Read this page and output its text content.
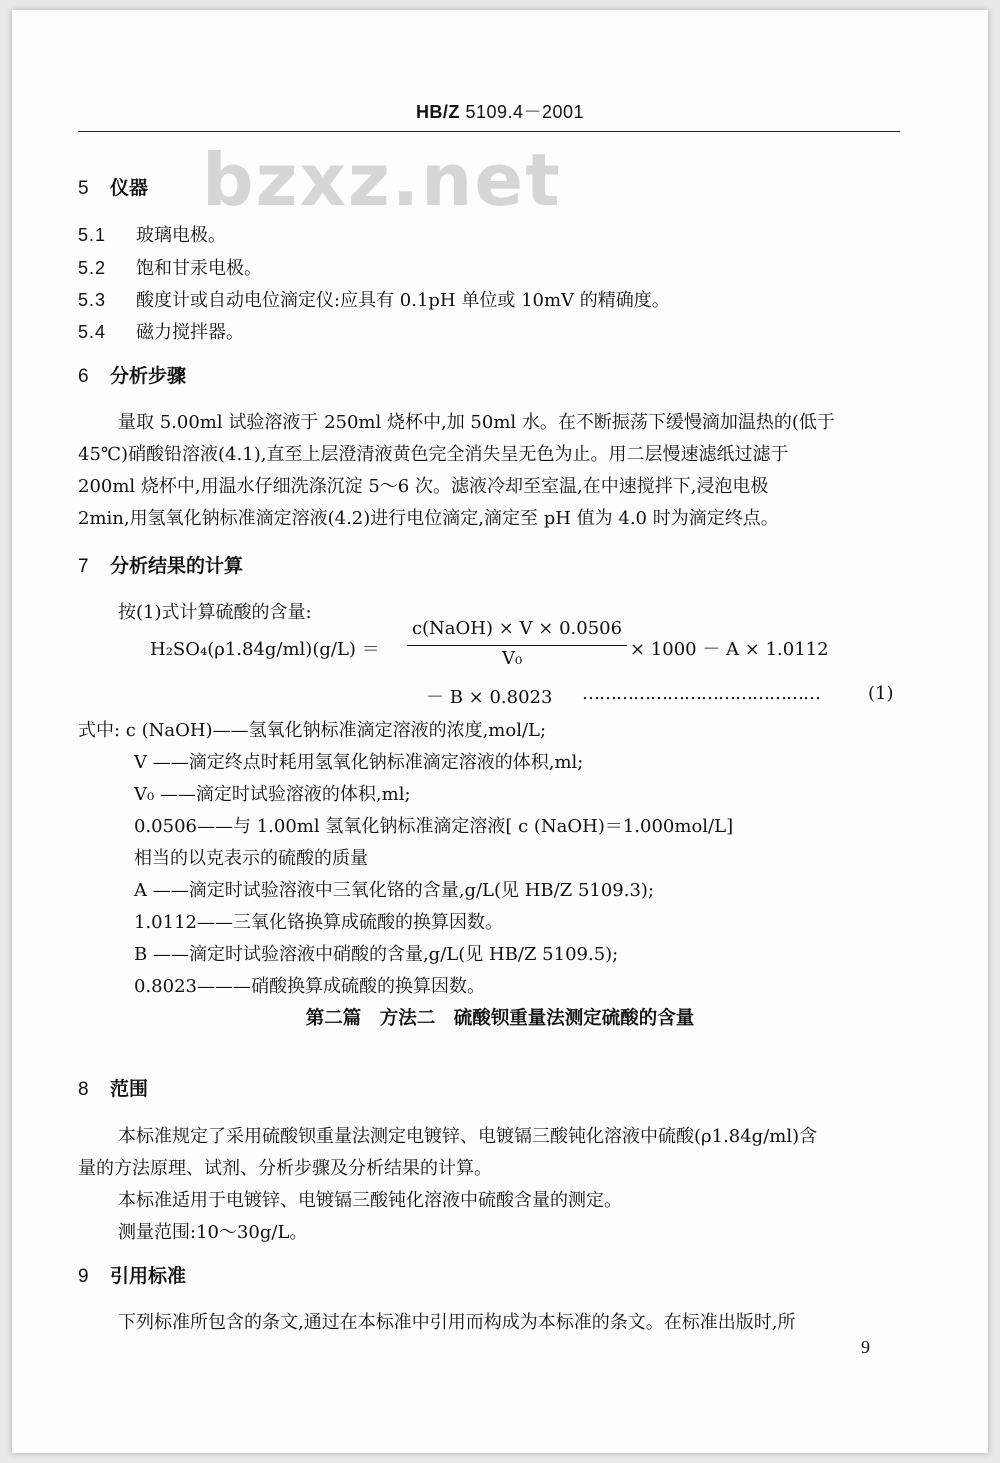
HB/Z 5109.4－2001
bzxz.net
5 仪器
5.1 玻璃电极。
5.2 饱和甘汞电极。
5.3 酸度计或自动电位滴定仪:应具有 0.1pH 单位或 10mV 的精确度。
5.4 磁力搅拌器。
6 分析步骤
量取 5.00ml 试验溶液于 250ml 烧杯中,加 50ml 水。在不断振荡下缓慢滴加温热的(低于
45℃)硝酸铅溶液(4.1),直至上层澄清液黄色完全消失呈无色为止。用二层慢速滤纸过滤于
200ml 烧杯中,用温水仔细洗涤沉淀 5～6 次。滤液冷却至室温,在中速搅拌下,浸泡电极
2min,用氢氧化钠标准滴定溶液(4.2)进行电位滴定,滴定至 pH 值为 4.0 时为滴定终点。
7 分析结果的计算
按(1)式计算硫酸的含量:
H₂SO₄(ρ1.84g/ml)(g/L) ＝
c(NaOH) × V × 0.0506
V₀	× 1000 － A × 1.0112
－ B × 0.8023 ……………………………………	(1)
式中: c (NaOH)——氢氧化钠标准滴定溶液的浓度,mol/L;
V ——滴定终点时耗用氢氧化钠标准滴定溶液的体积,ml;
V₀ ——滴定时试验溶液的体积,ml;
0.0506——与 1.00ml 氢氧化钠标准滴定溶液[ c (NaOH)＝1.000mol/L]
相当的以克表示的硫酸的质量
A ——滴定时试验溶液中三氧化铬的含量,g/L(见 HB/Z 5109.3);
1.0112——三氧化铬换算成硫酸的换算因数。
B ——滴定时试验溶液中硝酸的含量,g/L(见 HB/Z 5109.5);
0.8023———硝酸换算成硫酸的换算因数。
第二篇　方法二　硫酸钡重量法测定硫酸的含量
8 范围
本标准规定了采用硫酸钡重量法测定电镀锌、电镀镉三酸钝化溶液中硫酸(ρ1.84g/ml)含
量的方法原理、试剂、分析步骤及分析结果的计算。
本标准适用于电镀锌、电镀镉三酸钝化溶液中硫酸含量的测定。
测量范围:10～30g/L。
9 引用标准
下列标准所包含的条文,通过在本标准中引用而构成为本标准的条文。在标准出版时,所
9
